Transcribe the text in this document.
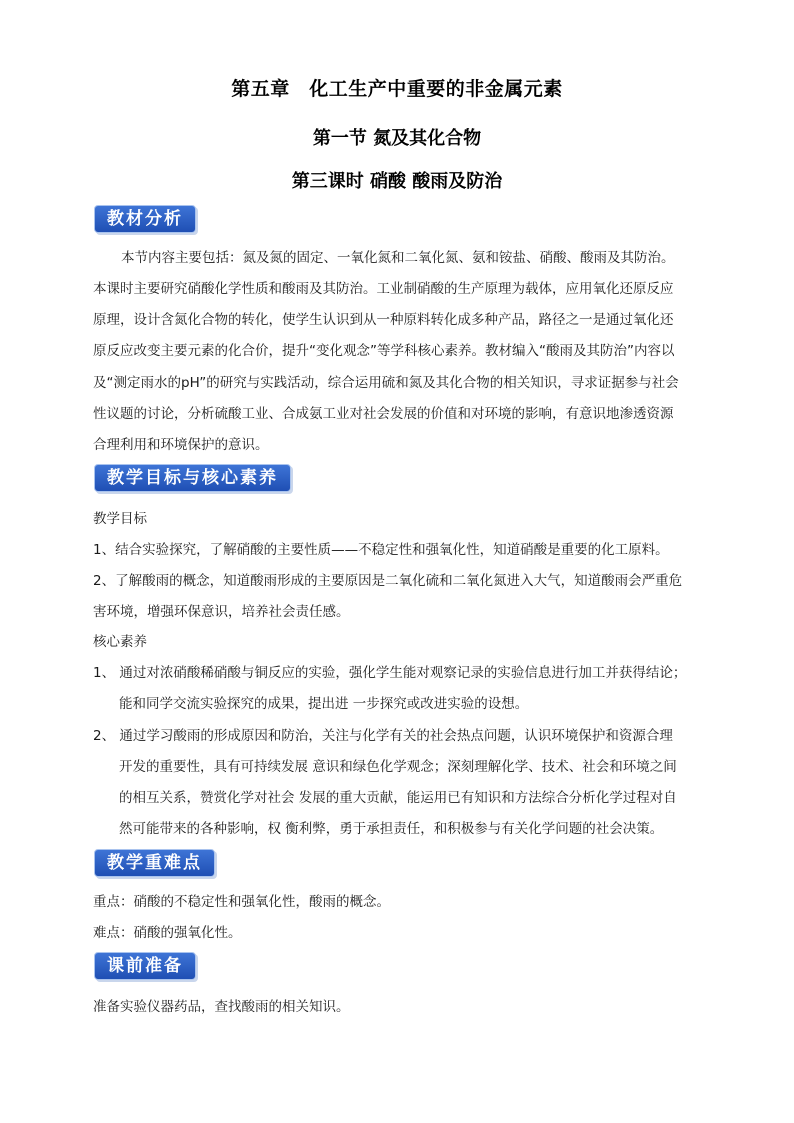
第五章　化工生产中重要的非金属元素
第一节 氮及其化合物
第三课时 硝酸 酸雨及防治
教材分析
　　本节内容主要包括：氮及氮的固定、一氧化氮和二氧化氮、氨和铵盐、硝酸、酸雨及其防治。
本课时主要研究硝酸化学性质和酸雨及其防治。工业制硝酸的生产原理为载体，应用氧化还原反应
原理，设计含氮化合物的转化，使学生认识到从一种原料转化成多种产品，路径之一是通过氧化还
原反应改变主要元素的化合价，提升“变化观念”等学科核心素养。教材编入“酸雨及其防治”内容以
及“测定雨水的pH”的研究与实践活动，综合运用硫和氮及其化合物的相关知识，寻求证据参与社会
性议题的讨论，分析硫酸工业、合成氨工业对社会发展的价值和对环境的影响，有意识地渗透资源
合理利用和环境保护的意识。
教学目标与核心素养
教学目标
1、结合实验探究，了解硝酸的主要性质——不稳定性和强氧化性，知道硝酸是重要的化工原料。
2、了解酸雨的概念，知道酸雨形成的主要原因是二氧化硫和二氧化氮进入大气，知道酸雨会严重危
害环境，增强环保意识，培养社会责任感。
核心素养
1、 通过对浓硝酸稀硝酸与铜反应的实验，强化学生能对观察记录的实验信息进行加工并获得结论；
能和同学交流实验探究的成果，提出进 一步探究或改进实验的设想。
2、 通过学习酸雨的形成原因和防治，关注与化学有关的社会热点问题，认识环境保护和资源合理
开发的重要性，具有可持续发展 意识和绿色化学观念；深刻理解化学、技术、社会和环境之间
的相互关系，赞赏化学对社会 发展的重大贡献，能运用已有知识和方法综合分析化学过程对自
然可能带来的各种影响，权 衡利弊，勇于承担责任，和积极参与有关化学问题的社会决策。
教学重难点
重点：硝酸的不稳定性和强氧化性，酸雨的概念。
难点：硝酸的强氧化性。
课前准备
准备实验仪器药品，查找酸雨的相关知识。
